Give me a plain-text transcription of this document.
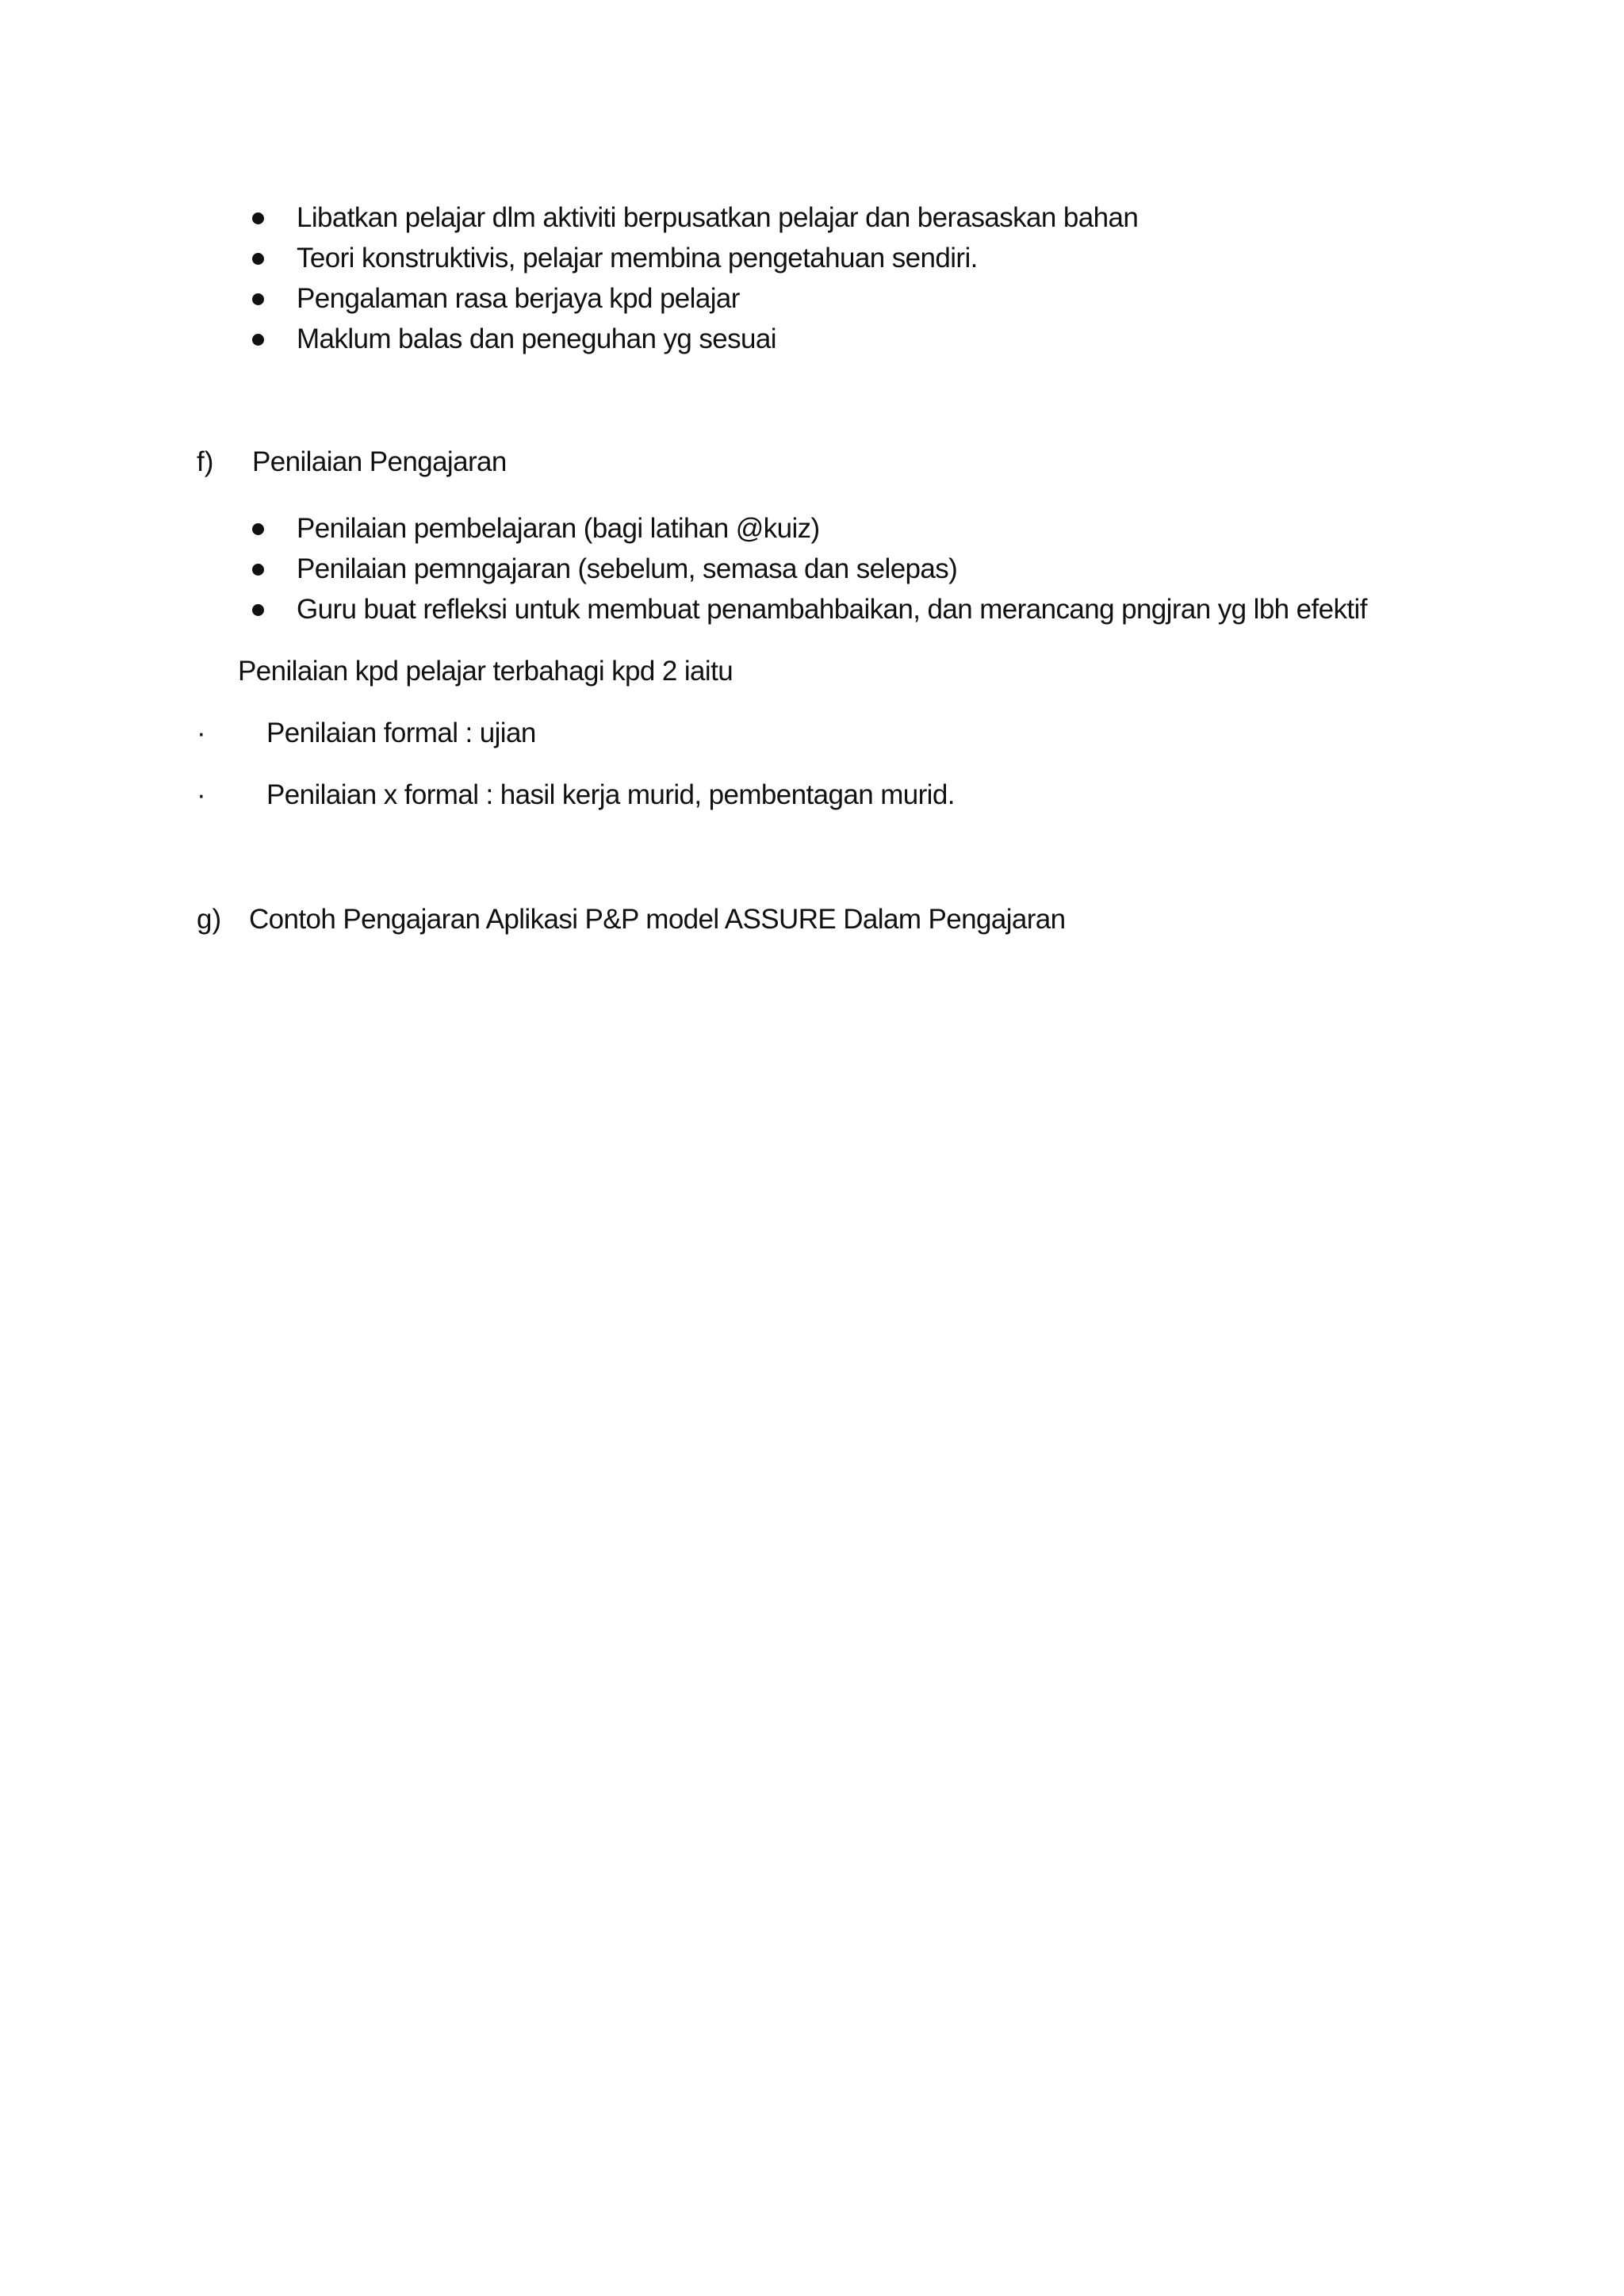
Libatkan pelajar dlm aktiviti berpusatkan pelajar dan berasaskan bahan
Teori konstruktivis, pelajar membina pengetahuan sendiri.
Pengalaman rasa berjaya kpd pelajar
Maklum balas dan peneguhan yg sesuai
f) Penilaian Pengajaran
Penilaian pembelajaran (bagi latihan @kuiz)
Penilaian pemngajaran (sebelum, semasa dan selepas)
Guru buat refleksi untuk membuat penambahbaikan, dan merancang pngjran yg lbh efektif
Penilaian kpd pelajar terbahagi kpd 2 iaitu
· Penilaian formal : ujian
· Penilaian x formal : hasil kerja murid, pembentagan murid.
g) Contoh Pengajaran Aplikasi P&P model ASSURE Dalam Pengajaran
